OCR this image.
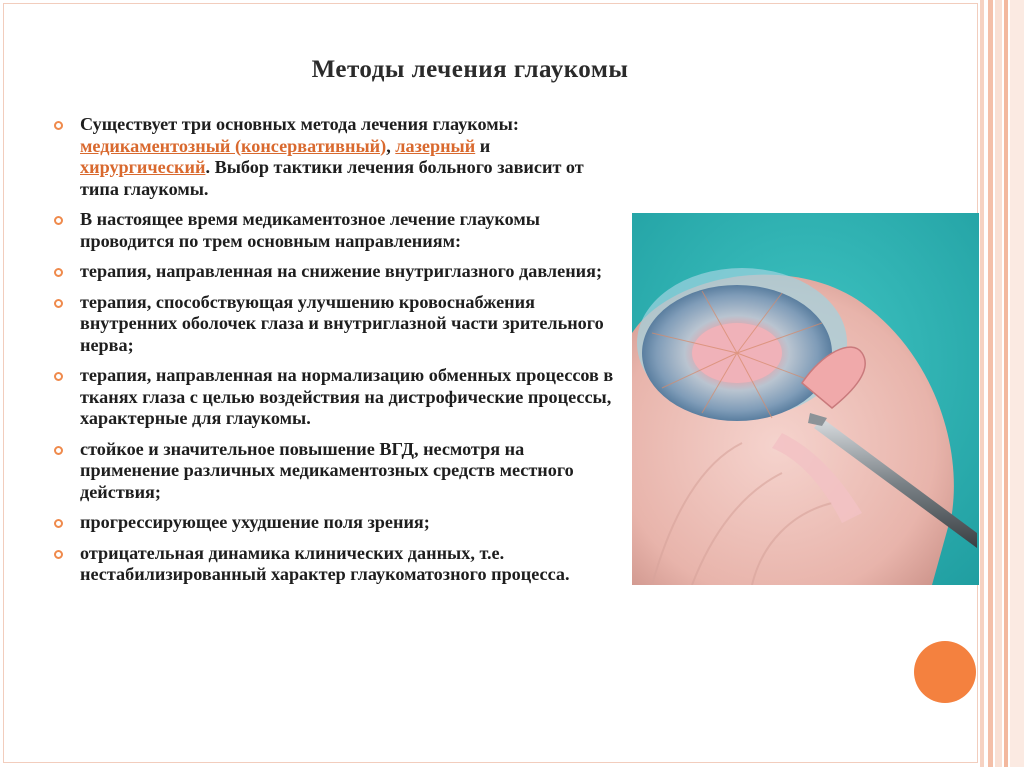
Методы лечения глаукомы
Существует три основных метода лечения глаукомы: медикаментозный (консервативный), лазерный и хирургический. Выбор тактики лечения больного зависит от типа глаукомы.
В настоящее время медикаментозное лечение глаукомы проводится по трем основным направлениям:
терапия, направленная на снижение внутриглазного давления;
терапия, способствующая улучшению кровоснабжения внутренних оболочек глаза и внутриглазной части зрительного нерва;
терапия, направленная на нормализацию обменных процессов в тканях глаза с целью воздействия на дистрофические процессы, характерные для глаукомы.
стойкое и значительное повышение ВГД, несмотря на применение различных медикаментозных средств местного действия;
прогрессирующее ухудшение поля зрения;
отрицательная динамика клинических данных, т.е. нестабилизированный характер глаукоматозного процесса.
